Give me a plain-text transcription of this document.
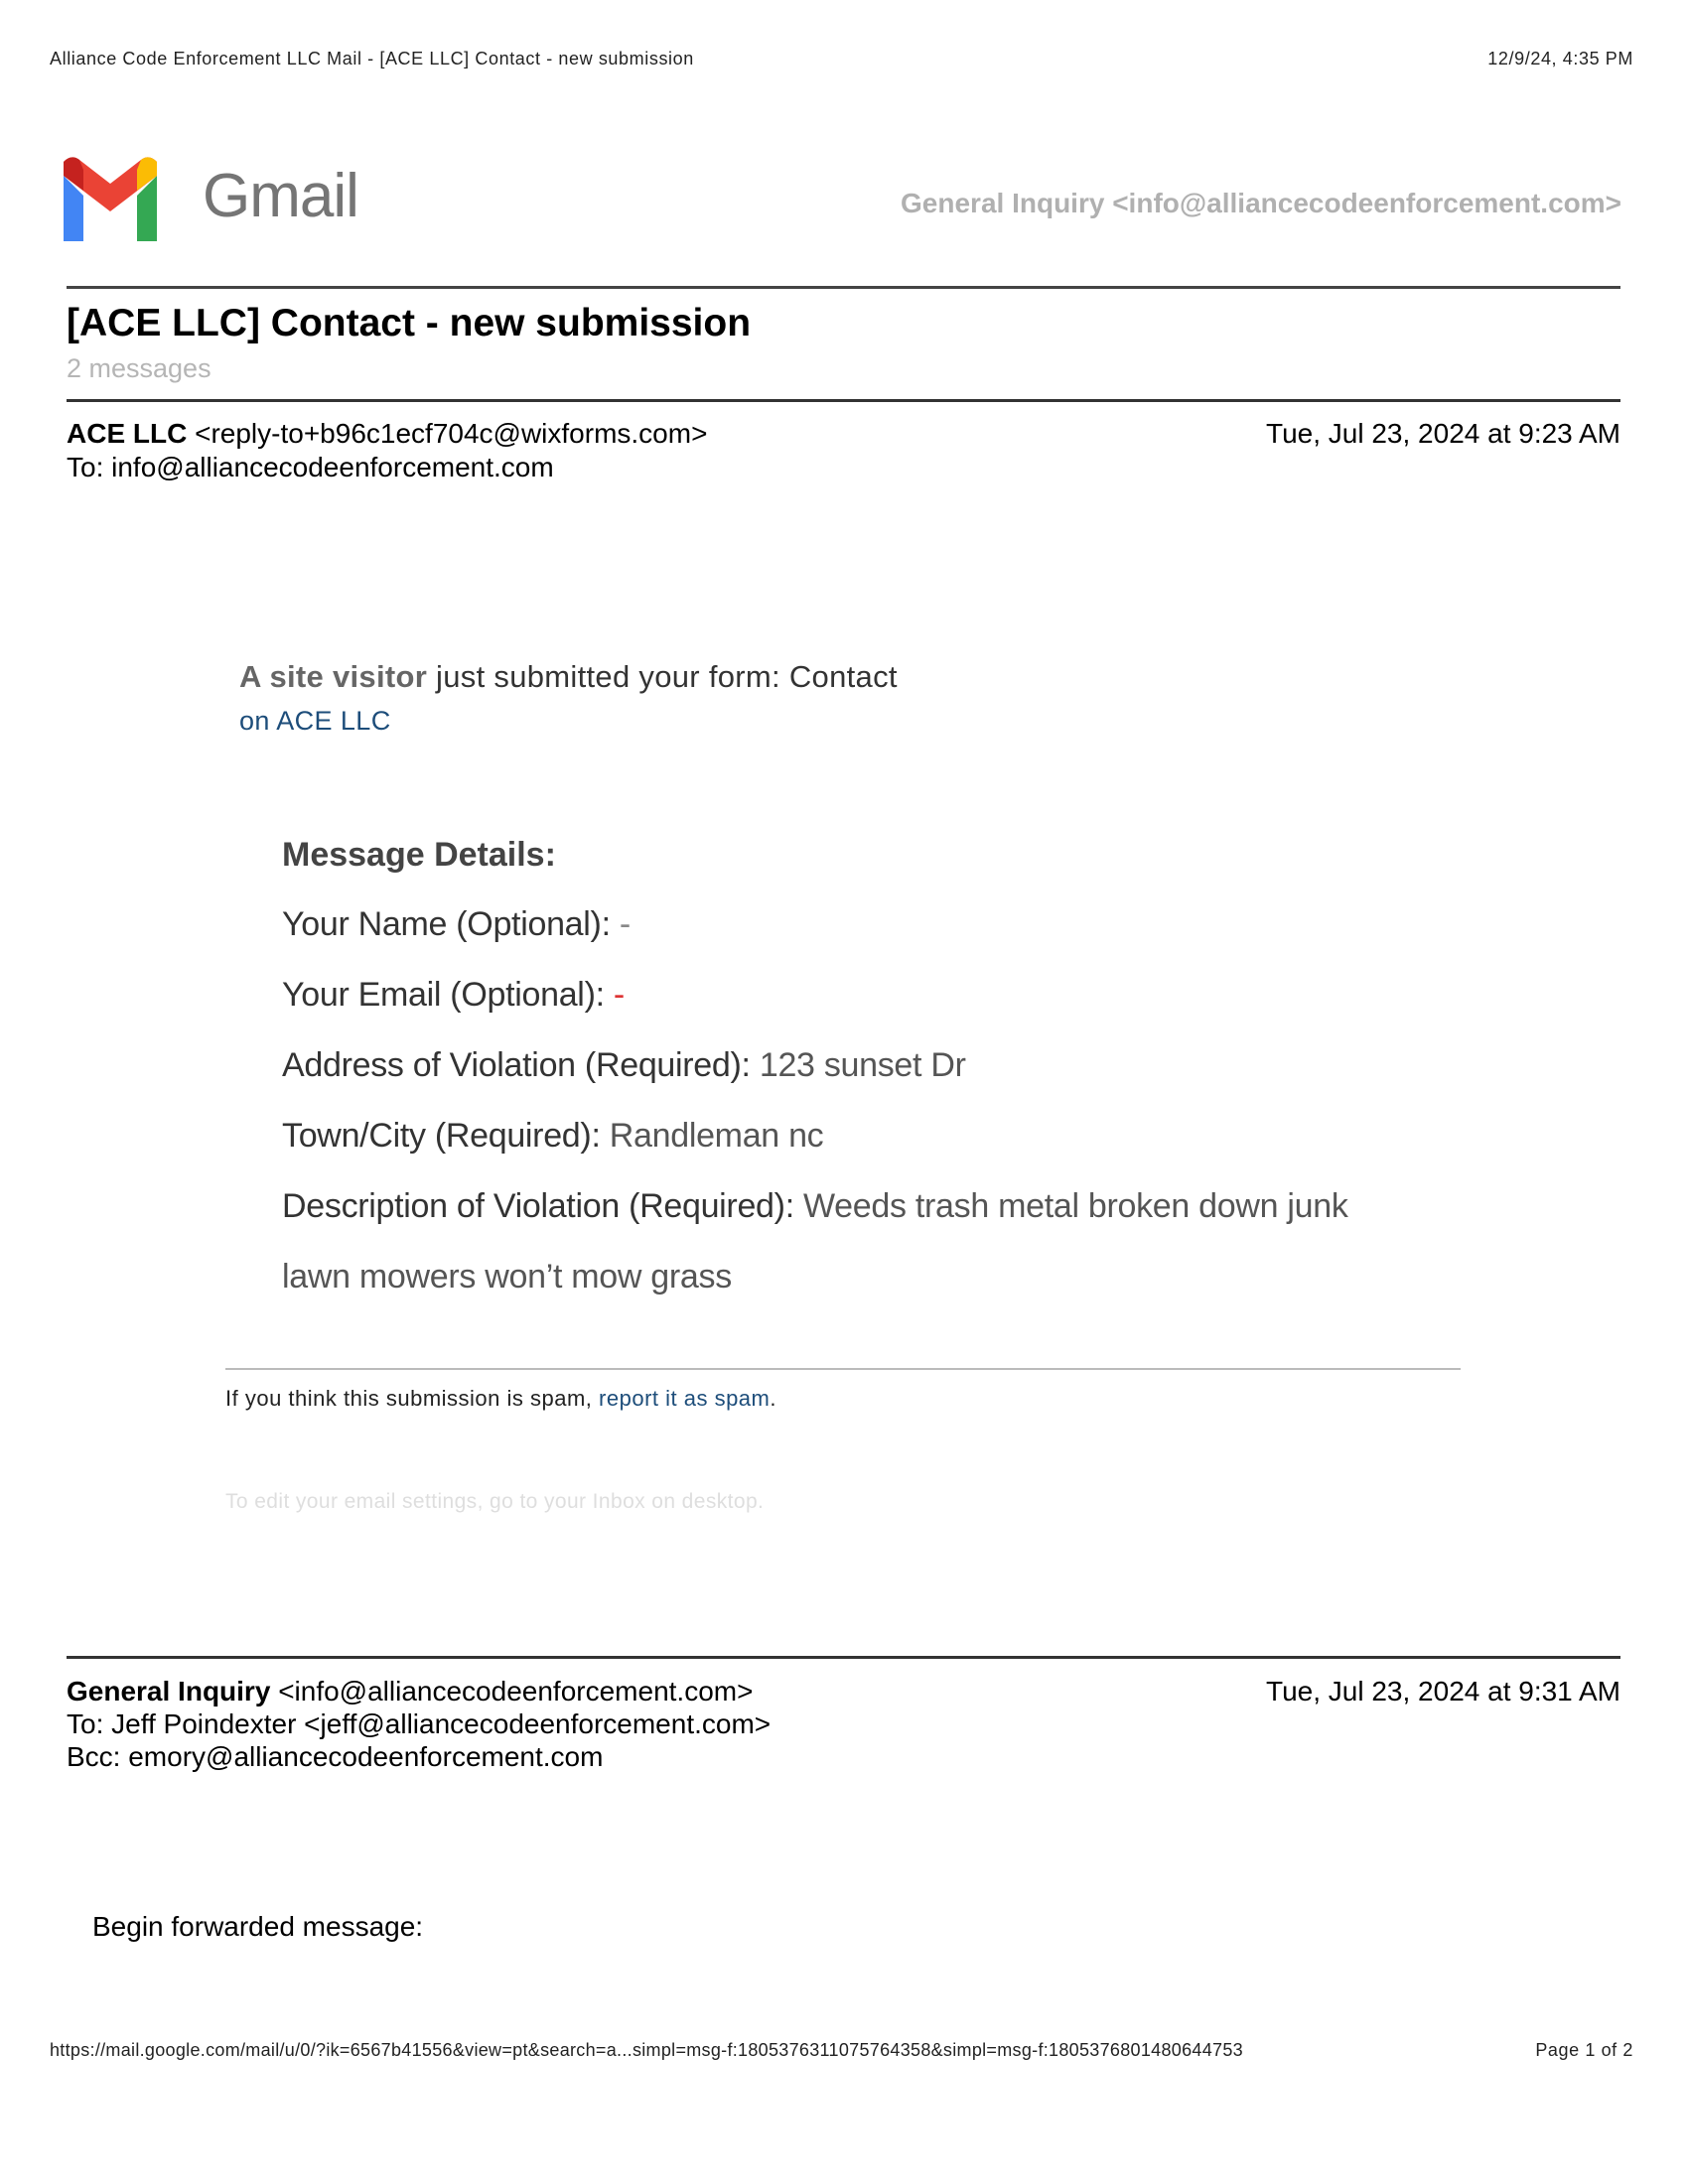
Alliance Code Enforcement LLC Mail - [ACE LLC] Contact - new submission	12/9/24, 4:35 PM
Gmail	General Inquiry <info@alliancecodeenforcement.com>
[ACE LLC] Contact - new submission
2 messages
ACE LLC <reply-to+b96c1ecf704c@wixforms.com>	Tue, Jul 23, 2024 at 9:23 AM
To: info@alliancecodeenforcement.com
A site visitor just submitted your form: Contact
on ACE LLC
Message Details:
Your Name (Optional): -
Your Email (Optional): -
Address of Violation (Required): 123 sunset Dr
Town/City (Required): Randleman nc
Description of Violation (Required): Weeds trash metal broken down junk
lawn mowers won’t mow grass
If you think this submission is spam, report it as spam.
To edit your email settings, go to your Inbox on desktop.
General Inquiry <info@alliancecodeenforcement.com>	Tue, Jul 23, 2024 at 9:31 AM
To: Jeff Poindexter <jeff@alliancecodeenforcement.com>
Bcc: emory@alliancecodeenforcement.com
Begin forwarded message:
https://mail.google.com/mail/u/0/?ik=6567b41556&view=pt&search=a...simpl=msg-f:1805376311075764358&simpl=msg-f:1805376801480644753	Page 1 of 2
